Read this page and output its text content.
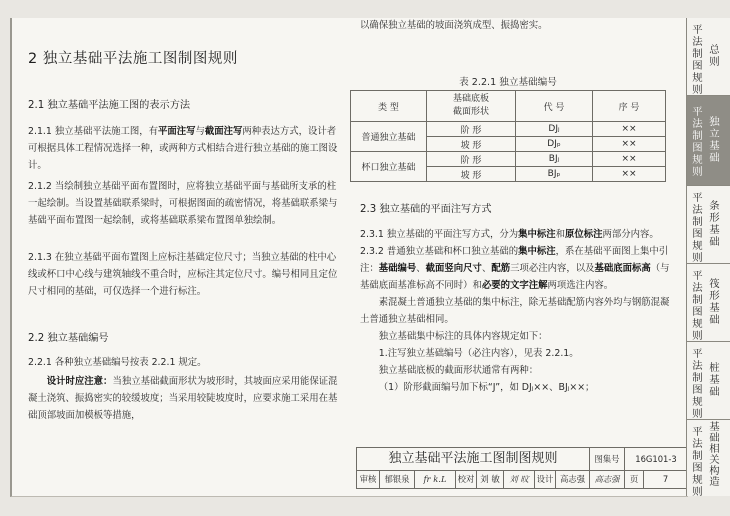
2 独立基础平法施工图制图规则

2.1 独立基础平法施工图的表示方法

2.1.1 独立基础平法施工图，有平面注写与截面注写两种表达方式，设计者可根据具体工程情况选择一种，或两种方式相结合进行独立基础的施工图设计。

2.1.2 当绘制独立基础平面布置图时，应将独立基础平面与基础所支承的柱一起绘制。当设置基础联系梁时，可根据图面的疏密情况，将基础联系梁与基础平面布置图一起绘制，或将基础联系梁布置图单独绘制。

2.1.3 在独立基础平面布置图上应标注基础定位尺寸；当独立基础的柱中心线或杯口中心线与建筑轴线不重合时，应标注其定位尺寸。编号相同且定位尺寸相同的基础，可仅选择一个进行标注。

2.2 独立基础编号

2.2.1 各种独立基础编号按表 2.2.1 规定。

设计时应注意：当独立基础截面形状为坡形时，其坡面应采用能保证混凝土浇筑、振捣密实的较缓坡度；当采用较陡坡度时，应要求施工采用在基础顶部坡面加模板等措施，

以确保独立基础的坡面浇筑成型、振捣密实。

表 2.2.1 独立基础编号
类 型	基础底板
截面形状	代 号	序 号
普通独立基础	阶 形	DJⱼ	××
	坡 形	DJₚ	××
杯口独立基础	阶 形	BJⱼ	××
	坡 形	BJₚ	××

2.3 独立基础的平面注写方式

2.3.1 独立基础的平面注写方式，分为集中标注和原位标注两部分内容。

2.3.2 普通独立基础和杯口独立基础的集中标注，系在基础平面图上集中引注：基础编号、截面竖向尺寸、配筋三项必注内容，以及基础底面标高（与基础底面基准标高不同时）和必要的文字注解两项选注内容。

素混凝土普通独立基础的集中标注，除无基础配筋内容外均与钢筋混凝土普通独立基础相同。

独立基础集中标注的具体内容规定如下：

1.注写独立基础编号（必注内容），见表 2.2.1。

独立基础底板的截面形状通常有两种：

（1）阶形截面编号加下标“J”，如 DJⱼ××、BJⱼ××；

独立基础平法施工图制图规则	图集号	16G101-3
审核 郁银泉	fr k.L	校对 刘 敏	刘 旼 设计 高志强	高志强	页	7
平法制图规则
总则
平法制图规则
独立基础
平法制图规则
条形基础
平法制图规则
筏形基础
平法制图规则
桩基础
平法制图规则
基础相关构造
